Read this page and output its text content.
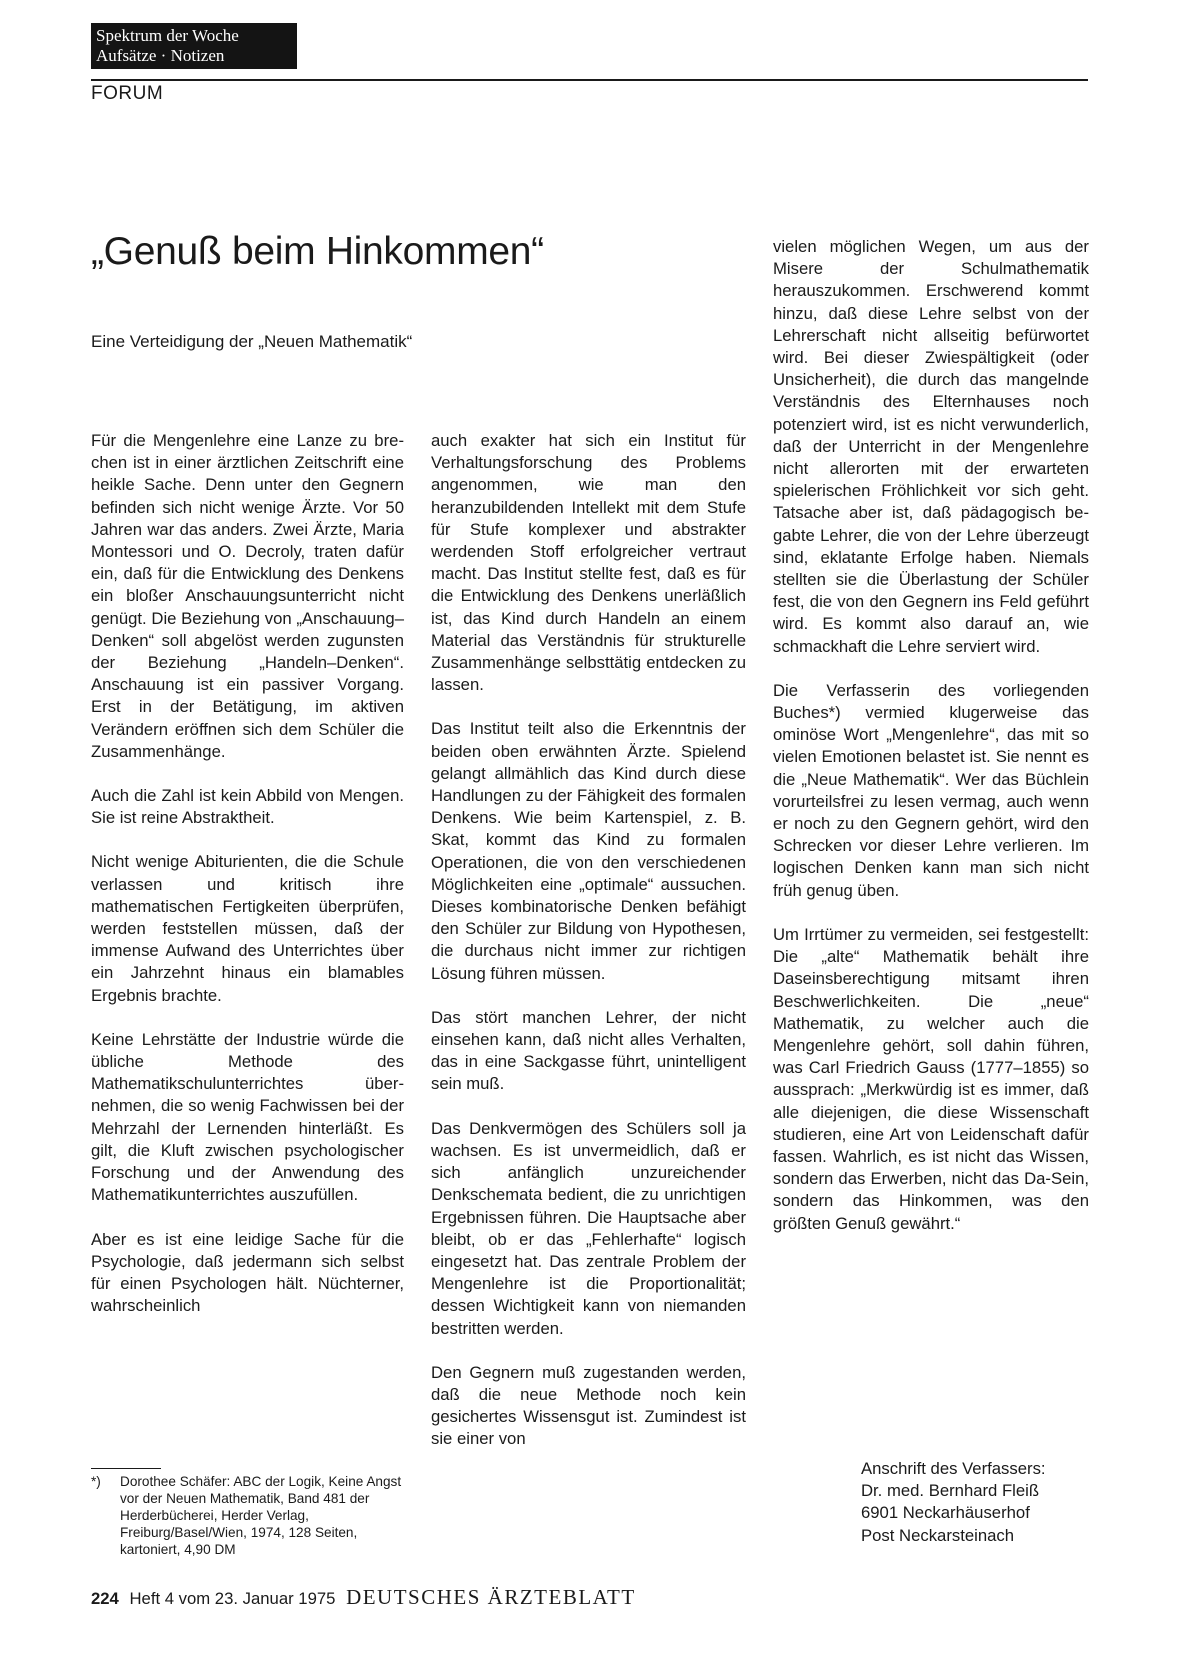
Spektrum der Woche
Aufsätze · Notizen
FORUM
„Genuß beim Hinkommen“
Eine Verteidigung der „Neuen Mathematik“

Für die Mengenlehre eine Lanze zu brechen ist in einer ärztlichen Zeitschrift eine heikle Sache. Denn unter den Gegnern befinden sich nicht wenige Ärzte. Vor 50 Jahren war das anders. Zwei Ärzte, Maria Montessori und O. Decroly, traten dafür ein, daß für die Entwicklung des Denkens ein bloßer Anschauungsunterricht nicht genügt. Die Beziehung von „Anschauung–Denken“ soll abgelöst werden zugunsten der Beziehung „Handeln–Denken“. Anschauung ist ein passiver Vorgang. Erst in der Betätigung, im aktiven Verändern eröffnen sich dem Schüler die Zusammenhänge.

Auch die Zahl ist kein Abbild von Mengen. Sie ist reine Abstraktheit.

Nicht wenige Abiturienten, die die Schule verlassen und kritisch ihre mathematischen Fertigkeiten überprüfen, werden feststellen müssen, daß der immense Aufwand des Unterrichtes über ein Jahrzehnt hinaus ein blamables Ergebnis brachte.

Keine Lehrstätte der Industrie würde die übliche Methode des Mathematikschulunterrichtes übernehmen, die so wenig Fachwissen bei der Mehrzahl der Lernenden hinterläßt. Es gilt, die Kluft zwischen psychologischer Forschung und der Anwendung des Mathematikunterrichtes auszufüllen.

Aber es ist eine leidige Sache für die Psychologie, daß jedermann sich selbst für einen Psychologen hält. Nüchterner, wahrscheinlich

auch exakter hat sich ein Institut für Verhaltungsforschung des Problems angenommen, wie man den heranzubildenden Intellekt mit dem Stufe für Stufe komplexer und abstrakter werdenden Stoff erfolgreicher vertraut macht. Das Institut stellte fest, daß es für die Entwicklung des Denkens unerläßlich ist, das Kind durch Handeln an einem Material das Verständnis für strukturelle Zusammenhänge selbsttätig entdecken zu lassen.

Das Institut teilt also die Erkenntnis der beiden oben erwähnten Ärzte. Spielend gelangt allmählich das Kind durch diese Handlungen zu der Fähigkeit des formalen Denkens. Wie beim Kartenspiel, z. B. Skat, kommt das Kind zu formalen Operationen, die von den verschiedenen Möglichkeiten eine „optimale“ aussuchen. Dieses kombinatorische Denken befähigt den Schüler zur Bildung von Hypothesen, die durchaus nicht immer zur richtigen Lösung führen müssen.

Das stört manchen Lehrer, der nicht einsehen kann, daß nicht alles Verhalten, das in eine Sackgasse führt, unintelligent sein muß.

Das Denkvermögen des Schülers soll ja wachsen. Es ist unvermeidlich, daß er sich anfänglich unzureichender Denkschemata bedient, die zu unrichtigen Ergebnissen führen. Die Hauptsache aber bleibt, ob er das „Fehlerhafte“ logisch eingesetzt hat. Das zentrale Problem der Mengenlehre ist die Proportionalität; dessen Wichtigkeit kann von niemanden bestritten werden.

Den Gegnern muß zugestanden werden, daß die neue Methode noch kein gesichertes Wissensgut ist. Zumindest ist sie einer von

vielen möglichen Wegen, um aus der Misere der Schulmathematik herauszukommen. Erschwerend kommt hinzu, daß diese Lehre selbst von der Lehrerschaft nicht allseitig befürwortet wird. Bei dieser Zwiespältigkeit (oder Unsicherheit), die durch das mangelnde Verständnis des Elternhauses noch potenziert wird, ist es nicht verwunderlich, daß der Unterricht in der Mengenlehre nicht allerorten mit der erwarteten spielerischen Fröhlichkeit vor sich geht. Tatsache aber ist, daß pädagogisch begabte Lehrer, die von der Lehre überzeugt sind, eklatante Erfolge haben. Niemals stellten sie die Überlastung der Schüler fest, die von den Gegnern ins Feld geführt wird. Es kommt also darauf an, wie schmackhaft die Lehre serviert wird.

Die Verfasserin des vorliegenden Buches*) vermied klugerweise das ominöse Wort „Mengenlehre“, das mit so vielen Emotionen belastet ist. Sie nennt es die „Neue Mathematik“. Wer das Büchlein vorurteilsfrei zu lesen vermag, auch wenn er noch zu den Gegnern gehört, wird den Schrecken vor dieser Lehre verlieren. Im logischen Denken kann man sich nicht früh genug üben.

Um Irrtümer zu vermeiden, sei festgestellt: Die „alte“ Mathematik behält ihre Daseinsberechtigung mitsamt ihren Beschwerlichkeiten. Die „neue“ Mathematik, zu welcher auch die Mengenlehre gehört, soll dahin führen, was Carl Friedrich Gauss (1777–1855) so aussprach: „Merkwürdig ist es immer, daß alle diejenigen, die diese Wissenschaft studieren, eine Art von Leidenschaft dafür fassen. Wahrlich, es ist nicht das Wissen, sondern das Erwerben, nicht das Da-Sein, sondern das Hinkommen, was den größten Genuß gewährt.“

*)	Dorothee Schäfer: ABC der Logik, Keine Angst vor der Neuen Mathematik, Band 481 der Herderbücherei, Herder Verlag, Freiburg/Basel/Wien, 1974, 128 Seiten, kartoniert, 4,90 DM
Anschrift des Verfassers:
Dr. med. Bernhard Fleiß
6901 Neckarhäuserhof
Post Neckarsteinach
224 Heft 4 vom 23. Januar 1975 DEUTSCHES ÄRZTEBLATT
